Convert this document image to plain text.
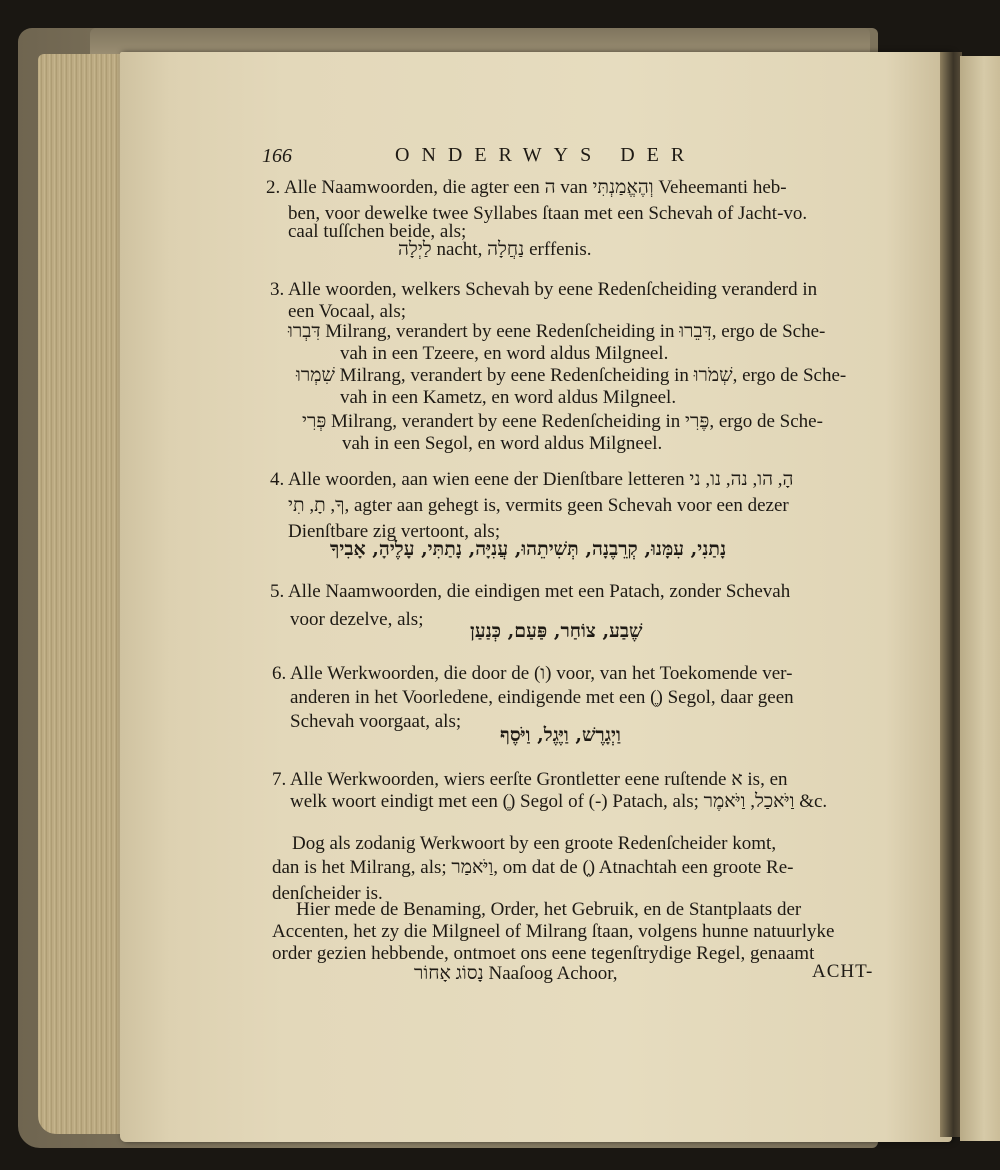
166	ONDERWYS DER
2. Alle Naamwoorden, die agter een ה van וְהֶאֱמַנְתִּי Veheemanti heb-
ben, voor dewelke twee Syllabes ſtaan met een Schevah of Jacht-vo.
caal tuſſchen beide, als;
לַיְלָה nacht, נַחֲלָה erffenis.
3. Alle woorden, welkers Schevah by eene Redenſcheiding veranderd in
een Vocaal, als;
דִּבְרוּ Milrang, verandert by eene Redenſcheiding in דִּבֵרוּ, ergo de Sche-
vah in een Tzeere, en word aldus Milgneel.
שִׁמְרוּ Milrang, verandert by eene Redenſcheiding in שְׁמֹרוּ, ergo de Sche-
vah in een Kametz, en word aldus Milgneel.
פְּרִי Milrang, verandert by eene Redenſcheiding in פֶּרִי, ergo de Sche-
vah in een Segol, en word aldus Milgneel.
4. Alle woorden, aan wien eene der Dienſtbare letteren הָ, הו, נה, נו, ני
ךָ, תָ, תִי, agter aan gehegt is, vermits geen Schevah voor een dezer
Dienſtbare zig vertoont, als;
נָתַנִי, עִמָּנוּ, קְרֵבֶנָה, תְּשִׁיתֵהוּ, עֲנִיָּה, נָתַתִּי, עָלֶיהָ, אָבִיךָ
5. Alle Naamwoorden, die eindigen met een Patach, zonder Schevah
voor dezelve, als;
שֶׁבַע, צוֹחַר, פַּעַם, כְּנַעַן
6. Alle Werkwoorden, die door de (ו) voor, van het Toekomende ver-
anderen in het Voorledene, eindigende met een (ֶ) Segol, daar geen
Schevah voorgaat, als;
וַיְגָרֶשׁ, וַיֶּגֶל, וַיֹּסֶף
7. Alle Werkwoorden, wiers eerſte Grontletter eene ruſtende א is, en
welk woort eindigt met een (ֶ) Segol of (-) Patach, als; וַיֹּאכַל, וַיֹּאמֶר &c.
Dog als zodanig Werkwoort by een groote Redenſcheider komt,
dan is het Milrang, als; וַיֹּאמַר, om dat de (֑) Atnachtah een groote Re-
denſcheider is.
Hier mede de Benaming, Order, het Gebruik, en de Stantplaats der
Accenten, het zy die Milgneel of Milrang ſtaan, volgens hunne natuurlyke
order gezien hebbende, ontmoet ons eene tegenſtrydige Regel, genaamt
נָסוֹג אָחוֹר Naaſoog Achoor,	ACHT-
